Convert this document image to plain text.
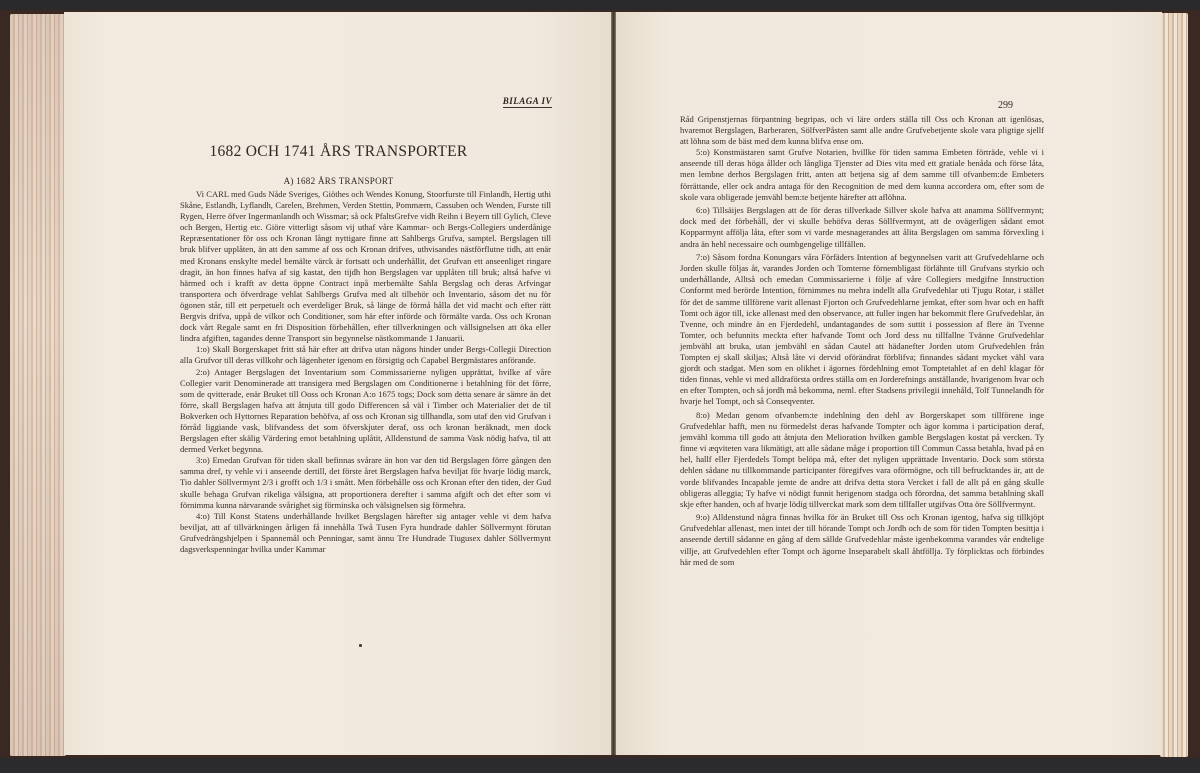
BILAGA IV
1682 OCH 1741 ÅRS TRANSPORTER
A) 1682 ÅRS TRANSPORT

Vi CARL med Guds Nåde Sveriges, Giöthes och Wendes Konung, Stoorfurste till Finlandh, Hertig uthi Skåne, Estlandh, Lyflandh, Carelen, Brehmen, Verden Stettin, Pommærn, Cassuben och Wenden, Furste till Rygen, Herre öfver Ingermanlandh och Wissmar; så ock PfaltsGrefve vidh Reihn i Beyern till Gylich, Cleve och Bergen, Hertig etc. Giöre vitterligt såsom vij uthaf våre Kammar- och Bergs-Collegiers underdånige Repræsentationer för oss och Kronan långt nyttigare finne att Sahlbergs Grufva, samptel. Bergslagen till bruk blifver upplåten, än att den samme af oss och Kronan drifves, uthvisandes nästförflutne tidh, att enär med Kronans enskylte medel bemälte värck är fortsatt och underhållit, det Grufvan ett anseenliget ringare dragit, än hon finnes hafva af sig kastat, den tijdh hon Bergslagen var upplåten till bruk; altså hafve vi härmed och i krafft av detta öppne Contract inpå merbemälte Sahla Bergslag och deras Arfvingar transportera och öfverdrage vehlat Sahlbergs Grufva med alt tilbehör och Inventario, såsom det nu för ögonen står, till ett perpetuelt och everdeliger Bruk, så länge de förmå hålla det vid macht och efter rätt Bergvis drifva, uppå de vilkor och Conditioner, som här efter införde och förmälte varda. Oss och Kronan dock vårt Regale samt en fri Disposition förbehållen, efter tillverkningen och vällsignelsen att öka eller lindra afgiften, tagandes denne Transport sin begynnelse nästkommande 1 Januarii.

1:o) Skall Borgerskapet fritt stå här efter att drifva utan någons hinder under Bergs-Collegii Direction alla Grufvor till deras villkohr och lägenheter igenom en försigtig och Capabel Bergmästares anförande.

2:o) Antager Bergslagen det Inventarium som Commissarierne nyligen upprättat, hvilke af våre Collegier varit Denominerade att transigera med Bergslagen om Conditionerne i betahlning för det förre, som de qvitterade, enär Bruket till Ooss och Kronan A:o 1675 togs; Dock som detta senare är sämre än det förre, skall Bergslagen hafva att åtnjuta till godo Differencen så väl i Timber och Materialier det de til Bokverken och Hyttornes Reparation behöfva, af oss och Kronan sig tillhandla, som utaf den vid Grufvan i förråd liggiande vask, blifvandess det som öfverskjuter deraf, oss och kronan beräknadt, men dock Bergslagen efter skälig Värdering emot betahlning uplåtit, Alldenstund de samma Vask nödig hafva, til att dermed Verket begynna.

3:o) Emedan Grufvan för tiden skall befinnas svårare än hon var den tid Bergslagen förre gången den samma dref, ty vehle vi i anseende dertill, det förste året Bergslagen hafva beviljat för hvarje lödig marck, Tio dahler Söllvermynt 2/3 i grofft och 1/3 i smått. Men förbehålle oss och Kronan efter den tiden, der Gud skulle behaga Grufvan rikeliga välsigna, att proportionera derefter i samma afgift och det efter som vi förnimma kunna närvarande svårighet sig förminska och välsignelsen sig förmehra.

4:o) Till Konst Statens underhållande hvilket Bergslagen härefter sig antager vehle vi dem hafva beviljat, att af tillvärkningen årligen få innehålla Twå Tusen Fyra hundrade dahler Söllvermynt förutan Grufvedrängshjelpen i Spannemål och Penningar, samt ännu Tre Hundrade Tiugusex dahler Söllvermynt dagsverkspenningar hvilka under Kammar

299

Råd Gripenstjernas förpantning begripas, och vi läre orders ställa till Oss och Kronan att igenlösas, hvaremot Bergslagen, Barberaren, SölfverPåsten samt alle andre Grufvebetjente skole vara pligtige sjellf att löhna som de bäst med dem kunna blifva ense om.

5:o) Konstmästaren samt Grufve Notarien, hvillke för tiden samma Embeten förträde, vehle vi i anseende till deras höga ållder och långliga Tjenster ad Dies vita med ett gratiale benåda och förse låta, men lembne derhos Bergslagen fritt, anten att betjena sig af dem samme till ofvanbem:de Embeters förrättande, eller ock andra antaga för den Recognition de med dem kunna accordera om, efter som de skole vara obligerade jemvähl bem:te betjente härefter att aflöhna.

6:o) Tillsäijes Bergslagen att de för deras tillverkade Sillver skole hafva att anamma Söllfvermynt; dock med det förbehåll, der vi skulle behöfva deras Söllfvermynt, att de ovägerligen sådant emot Kopparmynt affölja låta, efter som vi varde mesnagerandes att ålita Bergslagen om samma förvexling i andra än hehl necessaire och oumbgengelige tillfällen.

7:o) Såsom fordna Konungars våra Förfäders Intention af begynnelsen varit att Grufvedehlarne och Jorden skulle följas åt, varandes Jorden och Tomterne förnembligast förlähnte till Grufvans styrkio och underhållande, Alltså och emedan Commissarierne i följe af våre Collegiers medgifne Innstruction Conformt med berörde Intention, förnimmes nu mehra indellt alla Grufvedehlar uti Tjugu Rotar, i stället för det de samme tillförene varit allenast Fjorton och Grufvedehlarne jemkat, efter som hvar och en hafft Tomt och ägor till, icke allenast med den observance, att fuller ingen har bekommit flere Grufvedehlar, än Tvenne, och mindre än en Fjerdedehl, undantagandes de som suttit i possession af flere än Tvenne Tomter, och befunnits meckta efter hafvande Tomt och Jord dess nu tillfallne Tvänne Grufvedehlar jembvähl att bruka, utan jembvähl en sådan Cautel att hädanefter Jorden utom Grufvedehlen från Tompten ej skall skiljas; Altså låte vi dervid oförändrat förblifva; finnandes sådant mycket vähl vara gjordt och stadgat. Men som en olikhet i ägornes fördehlning emot Tomptetahlet af en dehl klagar för tiden finnas, vehle vi med alldraförsta ordres ställa om en Jorderefnings anställande, hvarigenom hvar och en efter Tompten, och så jordh må bekomma, neml. efter Stadsens privilegii innehåld, Tolf Tunnelandh för hvarje hel Tompt, och så Conseqventer.

8:o) Medan genom ofvanbem:te indehlning den dehl av Borgerskapet som tillförene inge Grufvedehlar hafft, men nu förmedelst deras hafvande Tompter och ägor komma i participation deraf, jemvähl komma till godo att åtnjuta den Melioration hvilken gamble Bergslagen kostat på vercken. Ty finne vi æqviteten vara likmätigt, att alle sådane måge i proportion till Commun Cassa betahla, hvad på en hel, hallf eller Fjerdedels Tompt belöpa må, efter det nyligen upprättade Inventario. Dock som största dehlen sådane nu tillkommande participanter föregifves vara oförmögne, och till befrucktandes är, att de vorde blifvandes Incapable jemte de andre att drifva detta stora Vercket i fall de allt på en gång skulle obligeras alleggia; Ty hafve vi nödigt funnit herigenom stadga och förordna, det samma betahlning skall skje efter handen, och af hvarje lödig tillverckat mark som dem tillfaller utgifvas Otta öre Söllfvermynt.

9:o) Alldenstund några finnas hvilka för än Bruket till Oss och Kronan igentog, hafva sig tillkjöpt Grufvedehlar allenast, men intet der till hörande Tompt och Jordh och de som för tiden Tompten besittja i anseende dertill sådanne en gång af dem sällde Grufvedehlar måste igenbekomma varandes vår endtelige villje, att Grufvedehlen efter Tompt och ägorne Inseparabelt skall åhtföllja. Ty förplicktas och förbindes här med de som
